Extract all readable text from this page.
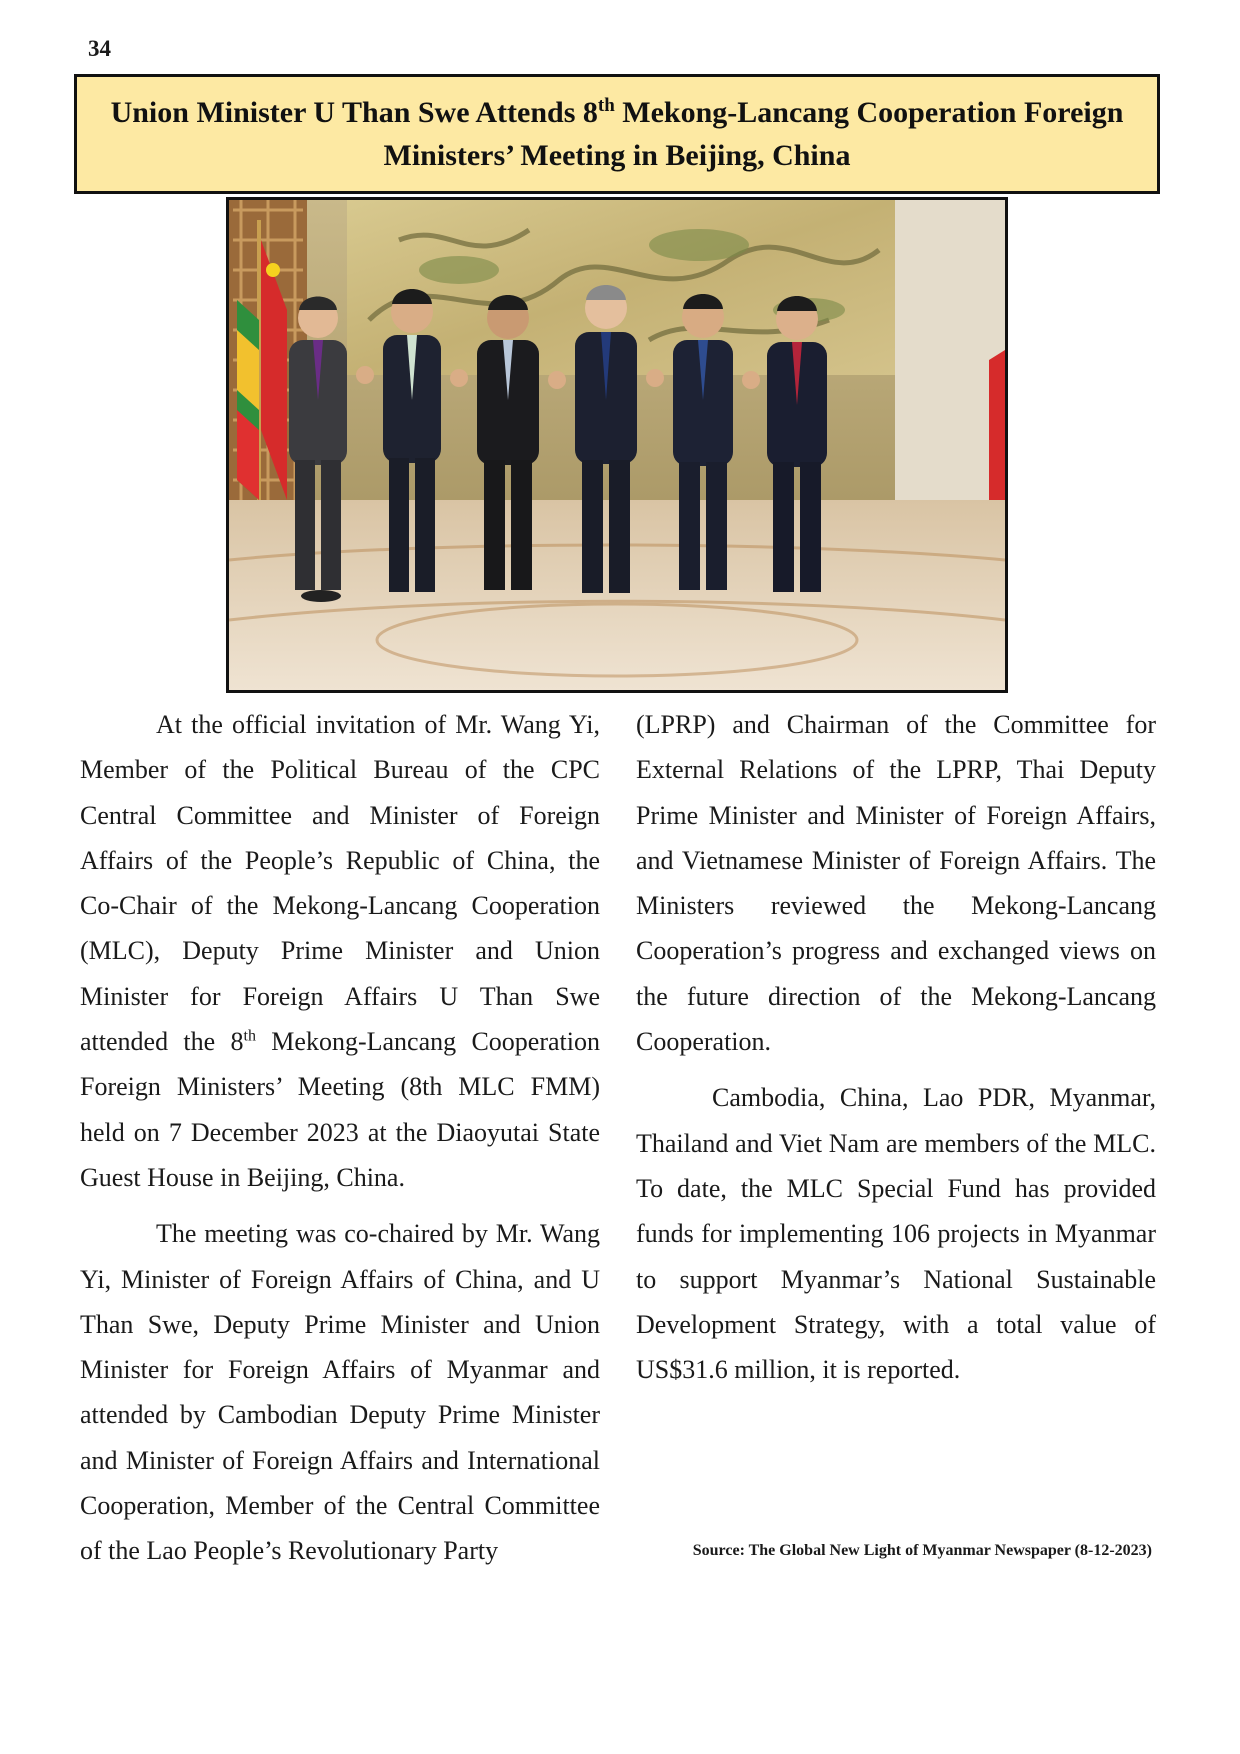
34
Union Minister U Than Swe Attends 8th Mekong-Lancang Cooperation Foreign Ministers’ Meeting in Beijing, China

At the official invitation of Mr. Wang Yi, Member of the Political Bureau of the CPC Central Committee and Minister of Foreign Affairs of the People’s Republic of China, the Co-Chair of the Mekong-Lancang Cooperation (MLC), Deputy Prime Minister and Union Minister for Foreign Affairs U Than Swe attended the 8th Mekong-Lancang Cooperation Foreign Ministers’ Meeting (8th MLC FMM) held on 7 December 2023 at the Diaoyutai State Guest House in Beijing, China.

The meeting was co-chaired by Mr. Wang Yi, Minister of Foreign Affairs of China, and U Than Swe, Deputy Prime Minister and Union Minister for Foreign Affairs of Myanmar and attended by Cambodian Deputy Prime Minister and Minister of Foreign Affairs and International Cooperation, Member of the Central Committee of the Lao People’s Revolutionary Party

(LPRP) and Chairman of the Committee for External Relations of the LPRP, Thai Deputy Prime Minister and Minister of Foreign Affairs, and Vietnamese Minister of Foreign Affairs. The Ministers reviewed the Mekong-Lancang Cooperation’s progress and exchanged views on the future direction of the Mekong-Lancang Cooperation.

Cambodia, China, Lao PDR, Myanmar, Thailand and Viet Nam are members of the MLC. To date, the MLC Special Fund has provided funds for implementing 106 projects in Myanmar to support Myanmar’s National Sustainable Development Strategy, with a total value of US$31.6 million, it is reported.

Source: The Global New Light of Myanmar Newspaper (8-12-2023)
